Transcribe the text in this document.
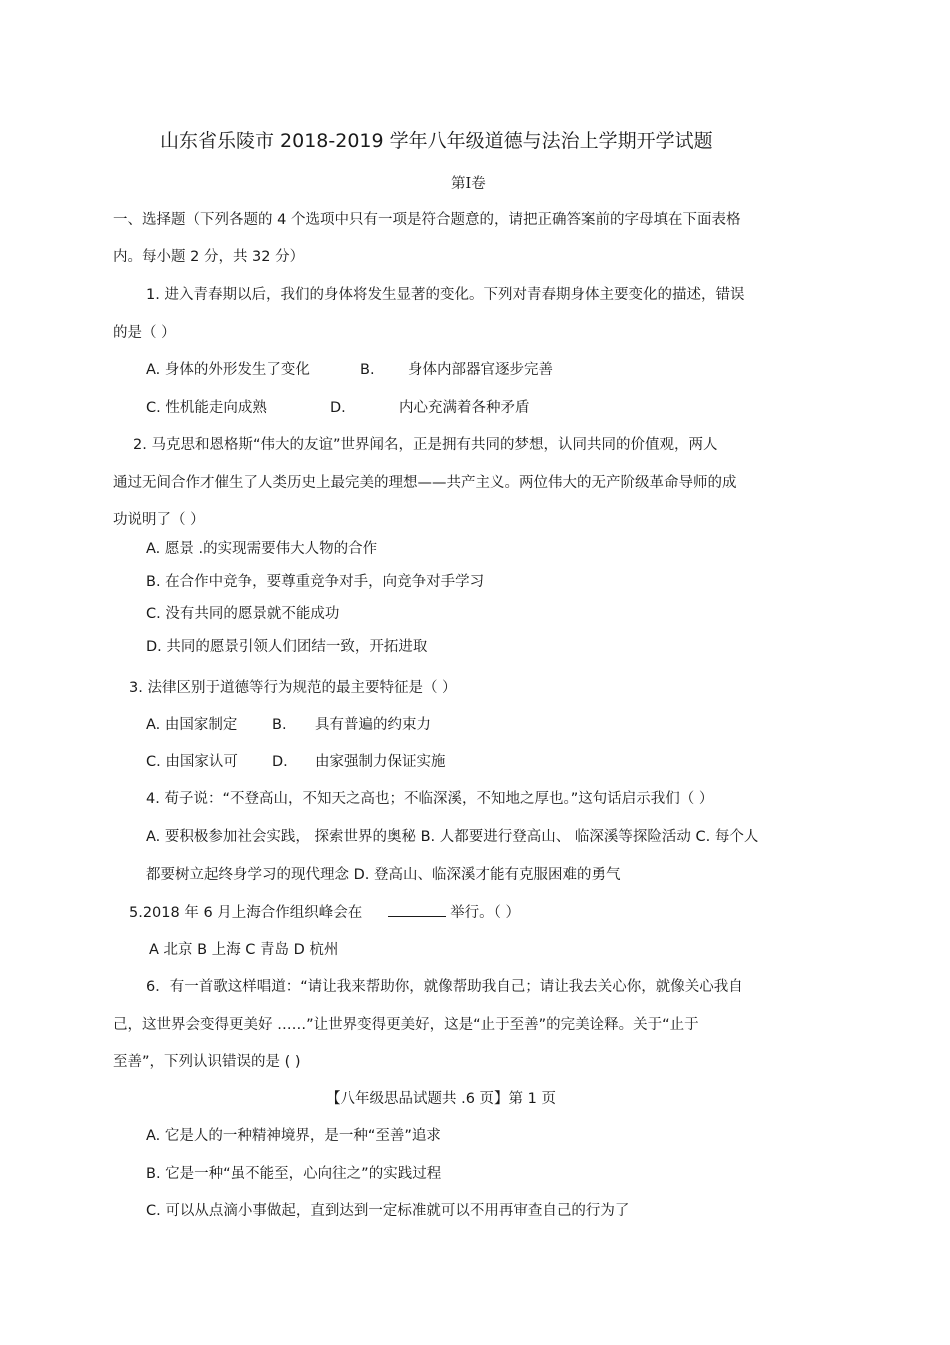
山东省乐陵市 2018-2019 学年八年级道德与法治上学期开学试题
第Ⅰ卷
一、选择题（下列各题的 4 个选项中只有一项是符合题意的，请把正确答案前的字母填在下面表格
内。每小题 2 分，共 32 分）
1. 进入青春期以后，我们的身体将发生显著的变化。下列对青春期身体主要变化的描述，错误
的是（ ）
A. 身体的外形发生了变化	B. 身体内部器官逐步完善
C. 性机能走向成熟	D.	内心充满着各种矛盾
2. 马克思和恩格斯“伟大的友谊”世界闻名，正是拥有共同的梦想，认同共同的价值观，两人
通过无间合作才催生了人类历史上最完美的理想——共产主义。两位伟大的无产阶级革命导师的成
功说明了（ ）
A. 愿景 .的实现需要伟大人物的合作
B. 在合作中竞争，要尊重竞争对手，向竞争对手学习
C. 没有共同的愿景就不能成功
D. 共同的愿景引领人们团结一致，开拓进取
3. 法律区别于道德等行为规范的最主要特征是（ ）
A. 由国家制定 B. 具有普遍的约束力
C. 由国家认可 D. 由家强制力保证实施
4. 荀子说：“不登高山，不知天之高也；不临深溪，不知地之厚也。”这句话启示我们（ ）
A. 要积极参加社会实践， 探索世界的奥秘 B. 人都要进行登高山、 临深溪等探险活动 C. 每个人
都要树立起终身学习的现代理念 D. 登高山、临深溪才能有克服困难的勇气
5.2018 年 6 月上海合作组织峰会在	举行。（ ）
A 北京 B 上海 C 青岛 D 杭州
6．有一首歌这样唱道：“请让我来帮助你，就像帮助我自己；请让我去关心你，就像关心我自
己，这世界会变得更美好 ……”让世界变得更美好，这是“止于至善”的完美诠释。关于“止于
至善”，下列认识错误的是 ( )
【八年级思品试题共 .6 页】第 1 页
A. 它是人的一种精神境界，是一种“至善”追求
B. 它是一种“虽不能至，心向往之”的实践过程
C. 可以从点滴小事做起，直到达到一定标准就可以不用再审查自己的行为了
